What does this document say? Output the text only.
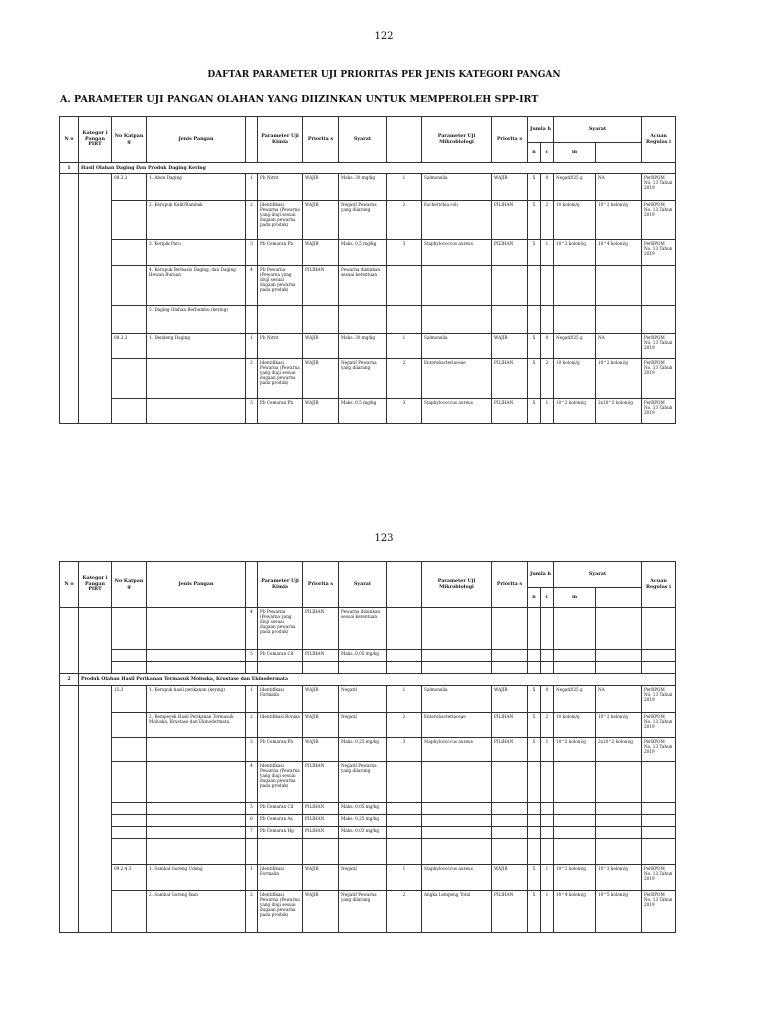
122
DAFTAR PARAMETER UJI PRIORITAS PER JENIS KATEGORI PANGAN
A. PARAMETER UJI PANGAN OLAHAN YANG DIIZINKAN UNTUK MEMPEROLEH SPP-IRT
N o	Kategor i Pangan PIRT	No Katpan g	Jenis Pangan		Parameter Uji Kimia	Priorita s	Syarat		Parameter Uji Mikrobiologi	Priorita s	Jumla h		Syarat		Acuan Regulas i
											n	c	m		
1	Hasil Olahan Daging Dan Produk Daging Kering														
		08.3.2	1. Abon Daging	1	Pb Nitrit	WAJIB	Maks. 30 mg/kg	1	Salmonella	WAJIB	5	0	Negatif/25 g	NA	PerBPOM No. 13 Tahun 2019
			2. Kerupuk Kulit/Rambak	2	Identifikasi Pewarna (Pewarna yang diuji sesuai dugaan pewarna pada produk)	WAJIB	Negatif Pewarna yang dilarang	2	Escherichia coli	PILIHAN	5	2	10 koloni/g	10^2 koloni/g	PerBPOM No. 13 Tahun 2019
			3. Keripik Paru	3	Pb Cemaran Pb	WAJIB	Maks. 0,5 mg/kg	3	Staphylococcus aureus	PILIHAN	5	1	10^2 koloni/g	10^4 koloni/g	PerBPOM No. 13 Tahun 2019
			4. Kerupuk Berbasis Daging, dan Daging Hewan Buruan	4	Pb Pewarna (Pewarna yang diuji sesuai dugaan pewarna pada produk)	PILIHAN	Pewarna diizinkan sesuai ketentuan								
			5. Daging Olahan Berbumbu (kering)												
		08.3.2	1. Dendeng Daging	1	Pb Nitrit	WAJIB	Maks. 30 mg/kg	1	Salmonella	WAJIB	5	0	Negatif/25 g	NA	PerBPOM No. 13 Tahun 2019
				2	Identifikasi Pewarna (Pewarna yang diuji sesuai dugaan pewarna pada produk)	WAJIB	Negatif Pewarna yang dilarang	2	Enterobacteriaceae	PILIHAN	5	2	10 koloni/g	10^2 koloni/g	PerBPOM No. 13 Tahun 2019
				3	Pb Cemaran Pb	WAJIB	Maks. 0,5 mg/kg	3	Staphylococcus aureus	PILIHAN	5	1	10^2 koloni/g	2x10^2 koloni/g	PerBPOM No. 13 Tahun 2019
123
N o	Kategor i Pangan PIRT	No Katpan g	Jenis Pangan		Parameter Uji Kimia	Priorita s	Syarat		Parameter Uji Mikrobiologi	Priorita s	Jumla h		Syarat		Acuan Regulas i
											n	c	m		
				4	Pb Pewarna (Pewarna yang diuji sesuai dugaan pewarna pada produk)	PILIHAN	Pewarna diizinkan sesuai ketentuan								
				5	Pb Cemaran Cd	PILIHAN	Maks. 0,05 mg/kg								

2	Produk Olahan Hasil Perikanan Termasuk Moluska, Krustase dan Ekinodermata														
		15.3	1. Kerupuk hasil perikanan (kering)	1	Identifikasi Formalin	WAJIB	Negatif	1	Salmonella	WAJIB	5	0	Negatif/25 g	NA	PerBPOM No. 13 Tahun 2019
			2. Rempeyek Hasil Perikanan Termasuk Moluska, Krustase dan Ekinodermata.	2	Identifikasi Boraks	WAJIB	Negatif	2	Enterobacteriaceae	PILIHAN	5	2	10 koloni/g	10^2 koloni/g	PerBPOM No. 13 Tahun 2019
				3	Pb Cemaran Pb	WAJIB	Maks. 0,25 mg/kg	3	Staphylococcus aureus	PILIHAN	5	1	10^2 koloni/g	2x10^2 koloni/g	PerBPOM No. 13 Tahun 2019
				4	Identifikasi Pewarna (Pewarna yang diuji sesuai dugaan pewarna pada produk)	PILIHAN	Negatif Pewarna yang dilarang								
				5	Pb Cemaran Cd	PILIHAN	Maks. 0,05 mg/kg								
				6	Pb Cemaran As	PILIHAN	Maks. 0,25 mg/kg								
				7	Pb Cemaran Hg	PILIHAN	Maks. 0,03 mg/kg								

		09.2.4.3	1. Sambal Goreng Udang	1	Identifikasi Formalin	WAJIB	Negatif	1	Staphylococcus aureus	WAJIB	5	1	10^2 koloni/g	10^3 koloni/g	PerBPOM No. 13 Tahun 2019
			2. Sambal Goreng Ikan	2	Identifikasi Pewarna (Pewarna yang diuji sesuai dugaan pewarna pada produk)	WAJIB	Negatif Pewarna yang dilarang	2	Angka Lempeng Total	PILIHAN	5	1	10^4 koloni/g	10^5 koloni/g	PerBPOM No. 13 Tahun 2019
